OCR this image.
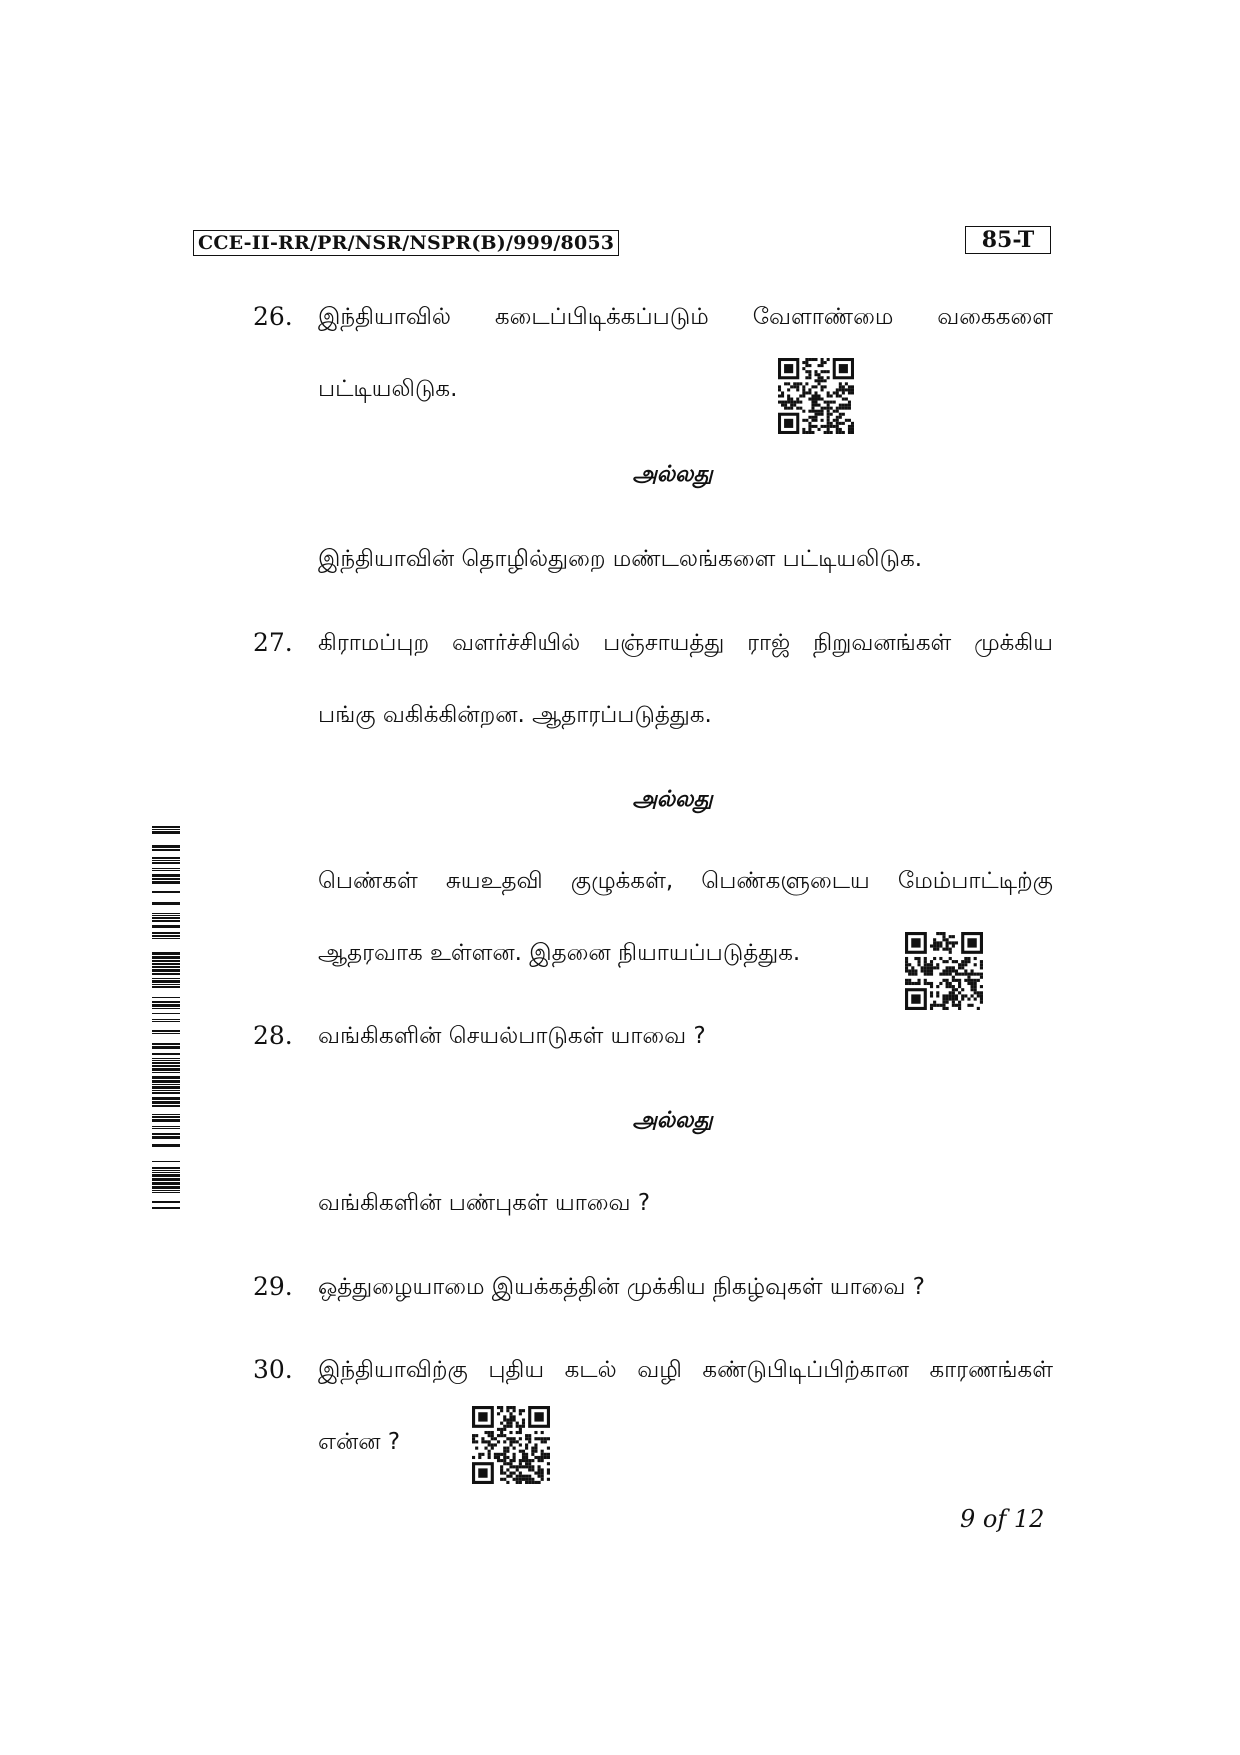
CCE-II-RR/PR/NSR/NSPR(B)/999/8053	85-T
26. இந்தியாவில் கடைப்பிடிக்கப்படும் வேளாண்மை வகைகளை
பட்டியலிடுக.
அல்லது
இந்தியாவின் தொழில்துறை மண்டலங்களை பட்டியலிடுக.
27. கிராமப்புற வளர்ச்சியில் பஞ்சாயத்து ராஜ் நிறுவனங்கள் முக்கிய
பங்கு வகிக்கின்றன. ஆதாரப்படுத்துக.
அல்லது
பெண்கள் சுயஉதவி குழுக்கள், பெண்களுடைய மேம்பாட்டிற்கு
ஆதரவாக உள்ளன. இதனை நியாயப்படுத்துக.
28. வங்கிகளின் செயல்பாடுகள் யாவை ?
அல்லது
வங்கிகளின் பண்புகள் யாவை ?
29. ஒத்துழையாமை இயக்கத்தின் முக்கிய நிகழ்வுகள் யாவை ?
30. இந்தியாவிற்கு புதிய கடல் வழி கண்டுபிடிப்பிற்கான காரணங்கள்
என்ன ?
9 of 12
